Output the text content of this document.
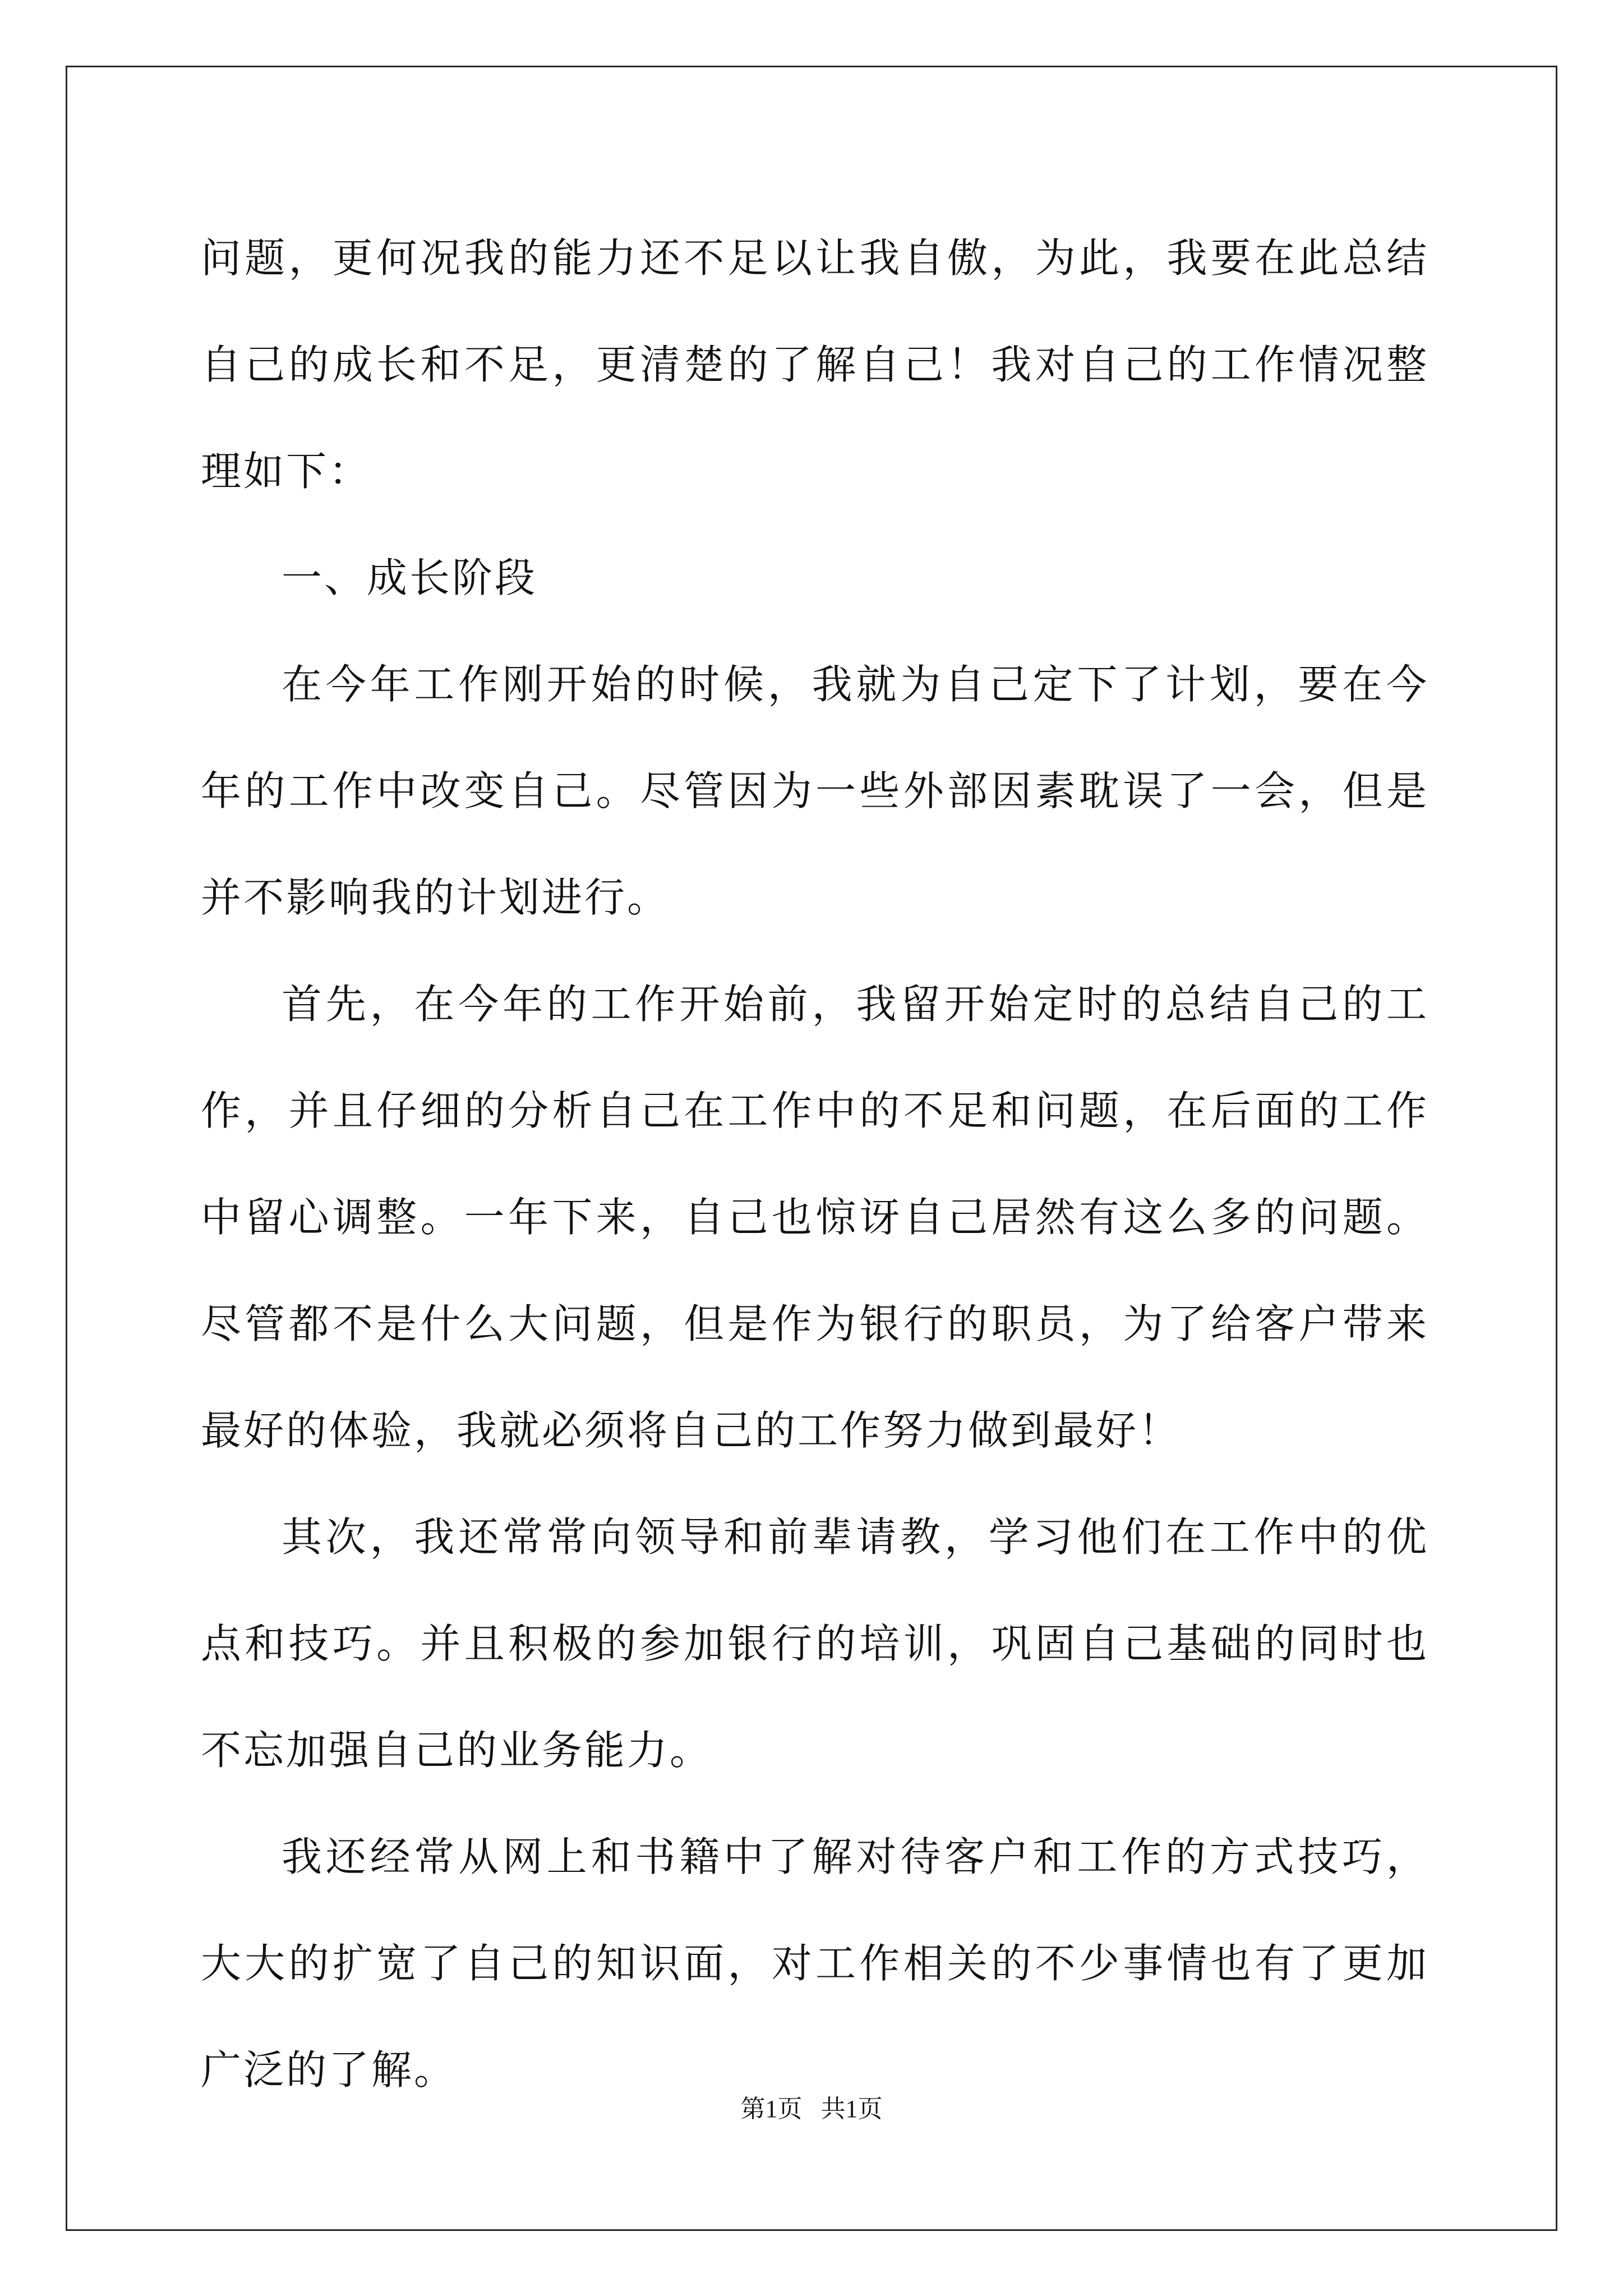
问题，更何况我的能力还不足以让我自傲，为此，我要在此总结自己的成长和不足，更清楚的了解自己！我对自己的工作情况整理如下：

一、成长阶段

在今年工作刚开始的时候，我就为自己定下了计划，要在今年的工作中改变自己。尽管因为一些外部因素耽误了一会，但是并不影响我的计划进行。

首先，在今年的工作开始前，我留开始定时的总结自己的工作，并且仔细的分析自己在工作中的不足和问题，在后面的工作中留心调整。一年下来，自己也惊讶自己居然有这么多的问题。尽管都不是什么大问题，但是作为银行的职员，为了给客户带来最好的体验，我就必须将自己的工作努力做到最好！

其次，我还常常向领导和前辈请教，学习他们在工作中的优点和技巧。并且积极的参加银行的培训，巩固自己基础的同时也不忘加强自己的业务能力。

我还经常从网上和书籍中了解对待客户和工作的方式技巧，大大的扩宽了自己的知识面，对工作相关的不少事情也有了更加广泛的了解。

第1页   共1页
